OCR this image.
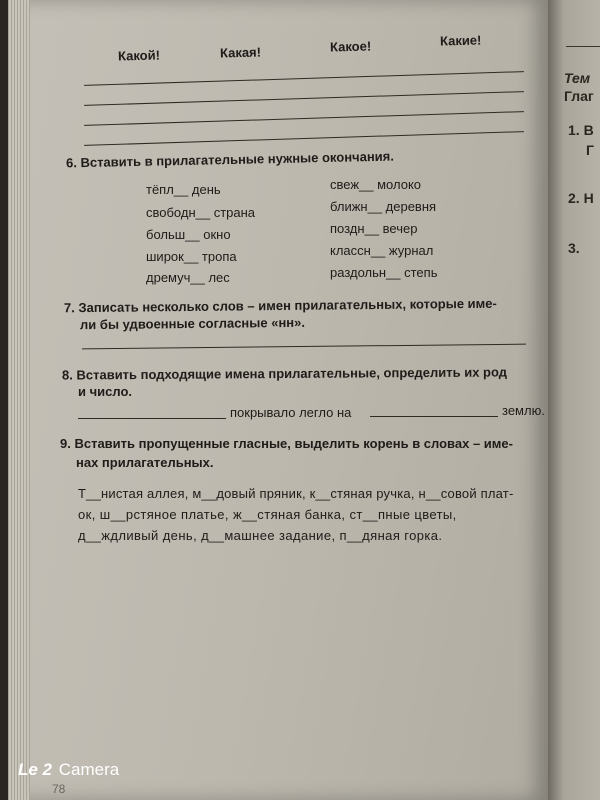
Какой!	Какая!	Какое!	Какие!
6. Вставить в прилагательные нужные окончания.
тёпл__ день
свободн__ страна
больш__ окно
широк__ тропа
дремуч__ лес
свеж__ молоко
ближн__ деревня
поздн__ вечер
классн__ журнал
раздольн__ степь
7. Записать несколько слов – имен прилагательных, которые име-
ли бы удвоенные согласные «нн».
8. Вставить подходящие имена прилагательные, определить их род
и число.
покрывало легло на	землю.
9. Вставить пропущенные гласные, выделить корень в словах – име-
нах прилагательных.
Т__нистая аллея, м__довый пряник, к__стяная ручка, н__совой плат-
ок, ш__рстяное платье, ж__стяная банка, ст__пные цветы,
д__ждливый день, д__машнее задание, п__дяная горка.
78
Тем
Глаг
1. В
Г
2. Н
3.
Le 2 Camera
